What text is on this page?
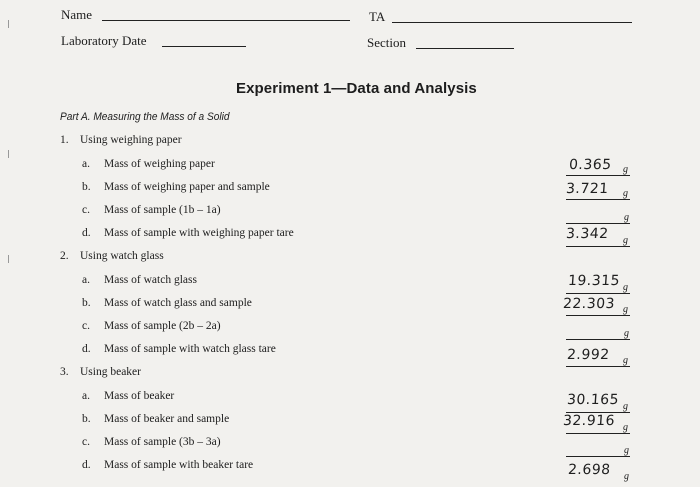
Name	TA
Laboratory Date	Section
Experiment 1—Data and Analysis
Part A. Measuring the Mass of a Solid
1. Using weighing paper
a. Mass of weighing paper
b. Mass of weighing paper and sample
c. Mass of sample (1b – 1a)
d. Mass of sample with weighing paper tare
0.365 g
3.721 g
g
3.342 g
2. Using watch glass
a. Mass of watch glass
b. Mass of watch glass and sample
c. Mass of sample (2b – 2a)
d. Mass of sample with watch glass tare
19.315 g
22.303 g
g
2.992 g
3. Using beaker
a. Mass of beaker
b. Mass of beaker and sample
c. Mass of sample (3b – 3a)
d. Mass of sample with beaker tare
30.165 g
32.916 g
g
2.698 g
